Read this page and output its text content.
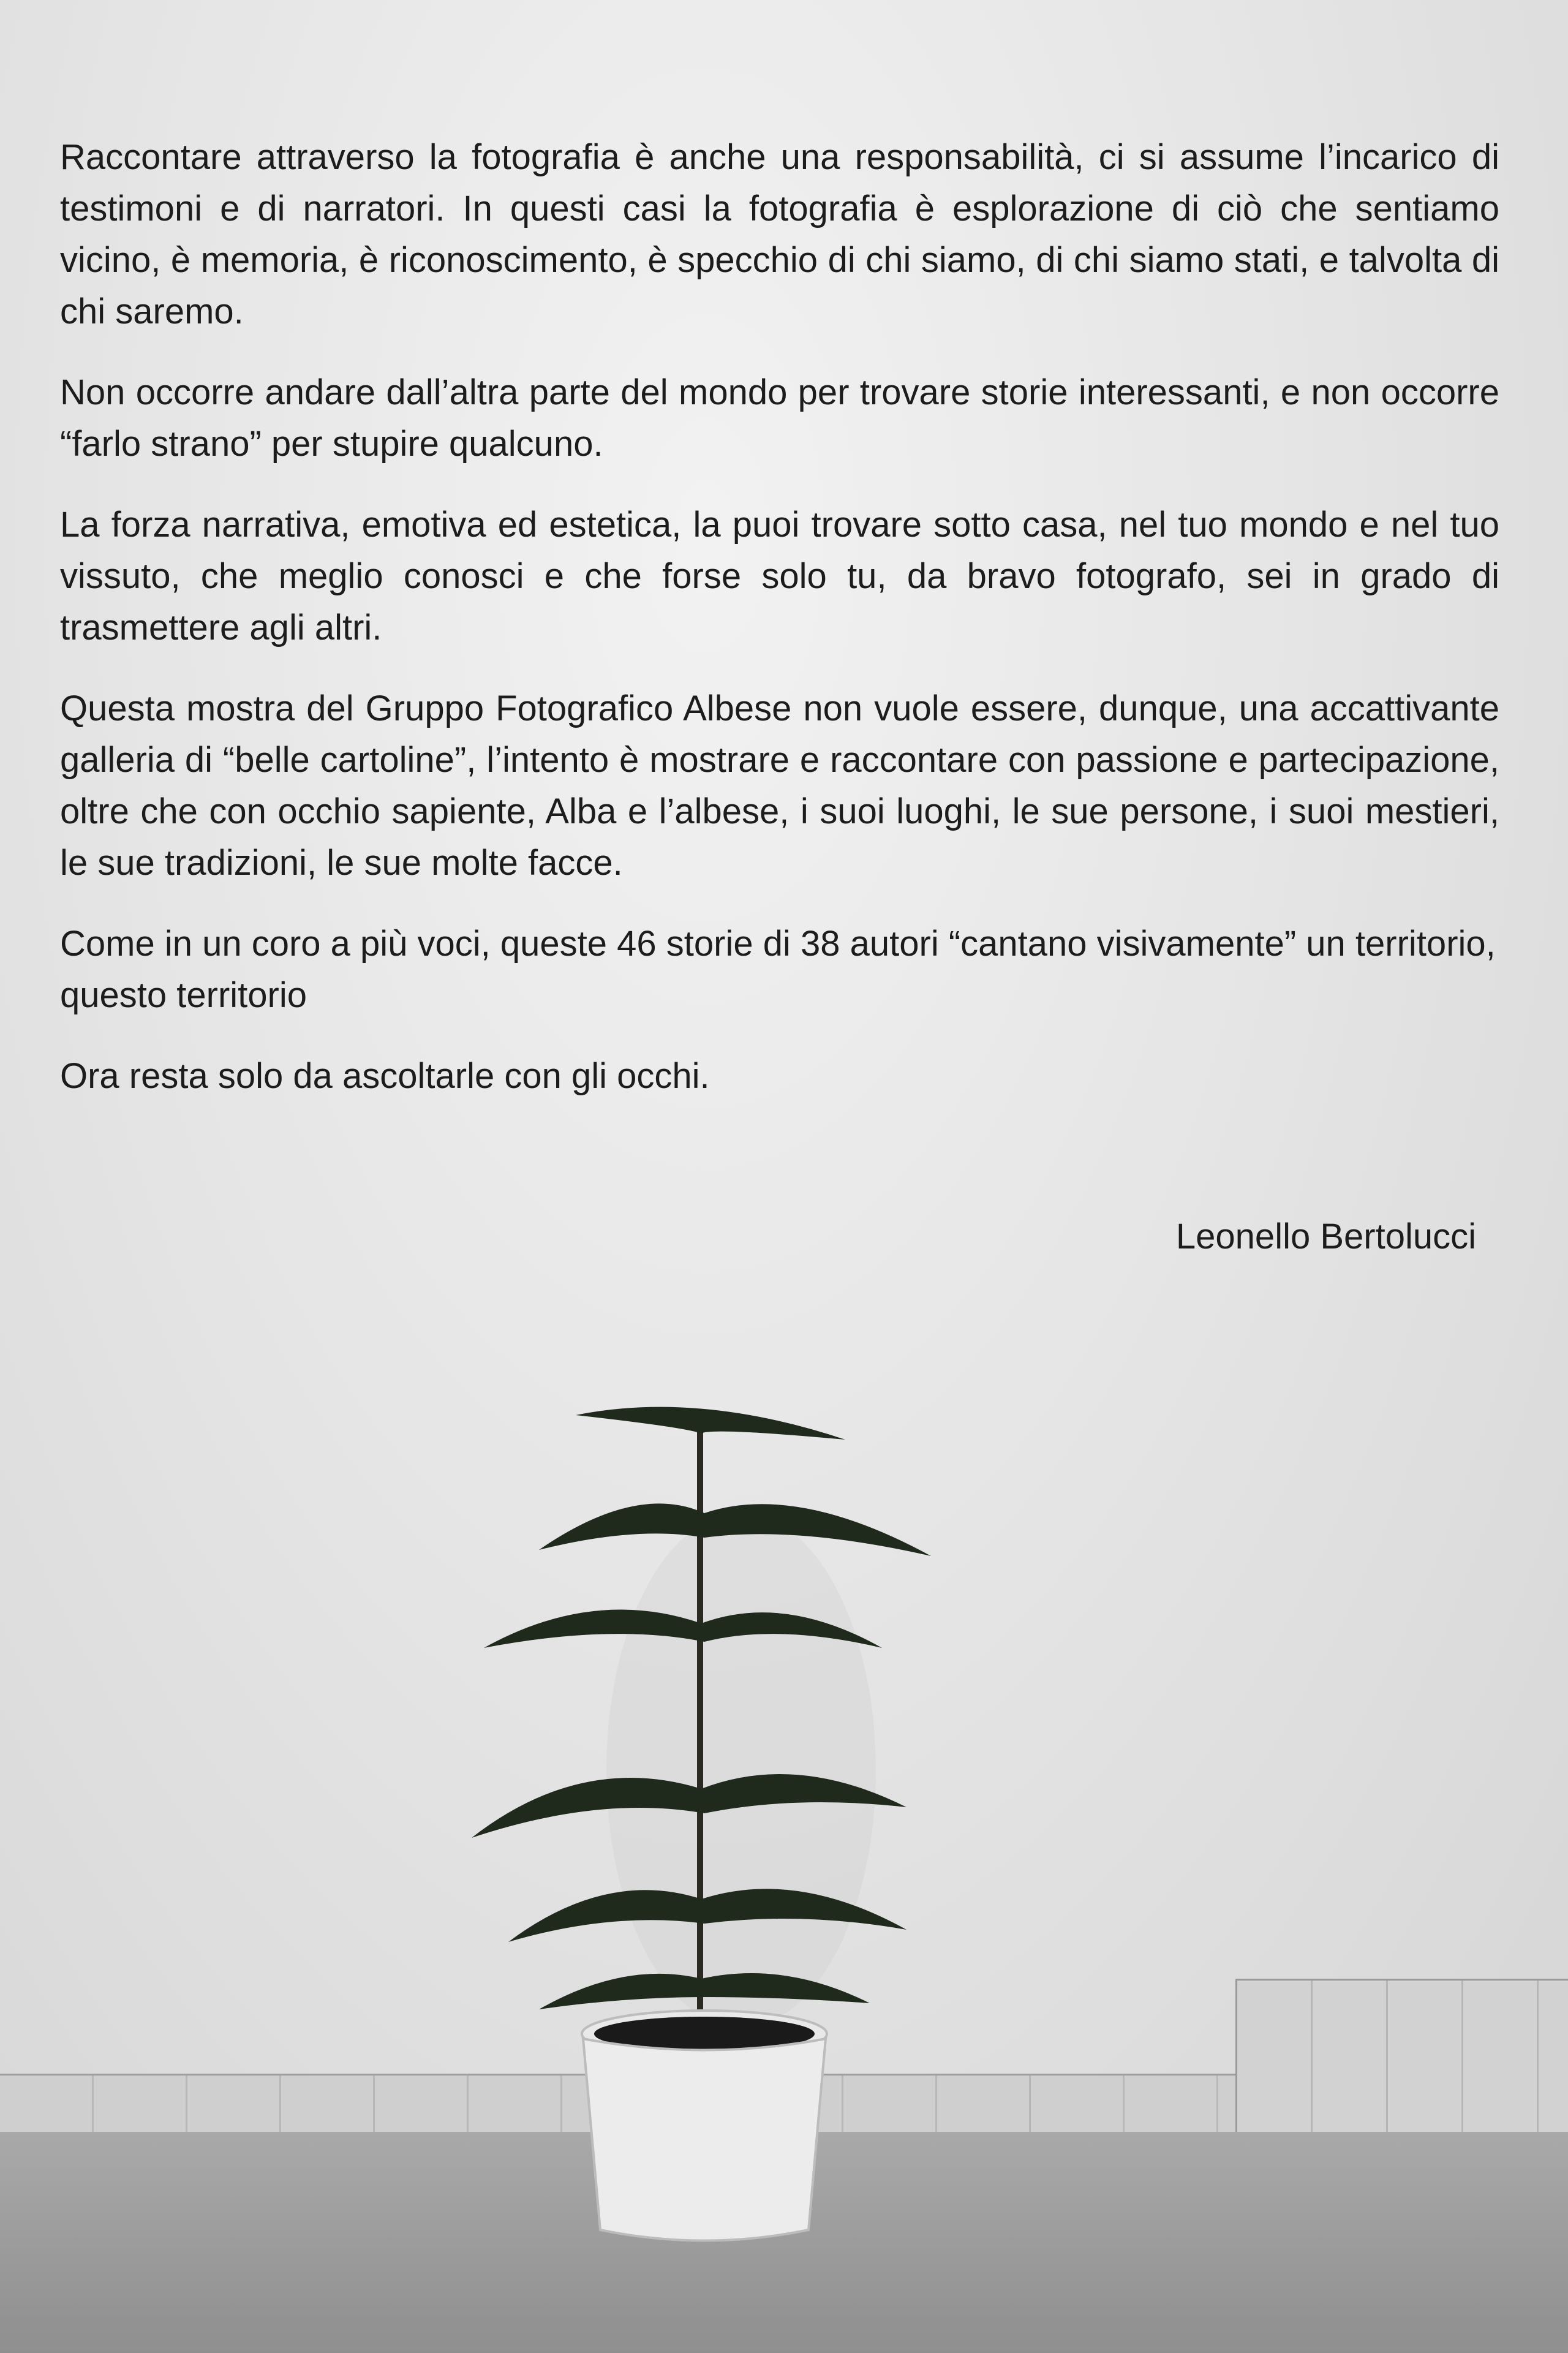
Raccontare attraverso la fotografia è anche una responsabilità, ci si assume l’incarico di testimoni e di narratori. In questi casi la fotografia è esplorazione di ciò che sentiamo vicino, è memoria, è riconoscimento, è specchio di chi siamo, di chi siamo stati, e talvolta di chi saremo.

Non occorre andare dall’altra parte del mondo per trovare storie interessanti, e non occorre “farlo strano” per stupire qualcuno.

La forza narrativa, emotiva ed estetica, la puoi trovare sotto casa, nel tuo mondo e nel tuo vissuto, che meglio conosci e che forse solo tu, da bravo fotografo, sei in grado di trasmettere agli altri.

Questa mostra del Gruppo Fotografico Albese non vuole essere, dunque, una accattivante galleria di “belle cartoline”, l’intento è mostrare e raccontare con passione e partecipazione, oltre che con occhio sapiente, Alba e l’albese, i suoi luoghi, le sue persone, i suoi mestieri, le sue tradizioni, le sue molte facce.

Come in un coro a più voci, queste 46 storie di 38 autori “cantano visivamente” un territorio, questo territorio

Ora resta solo da ascoltarle con gli occhi.

Leonello Bertolucci
